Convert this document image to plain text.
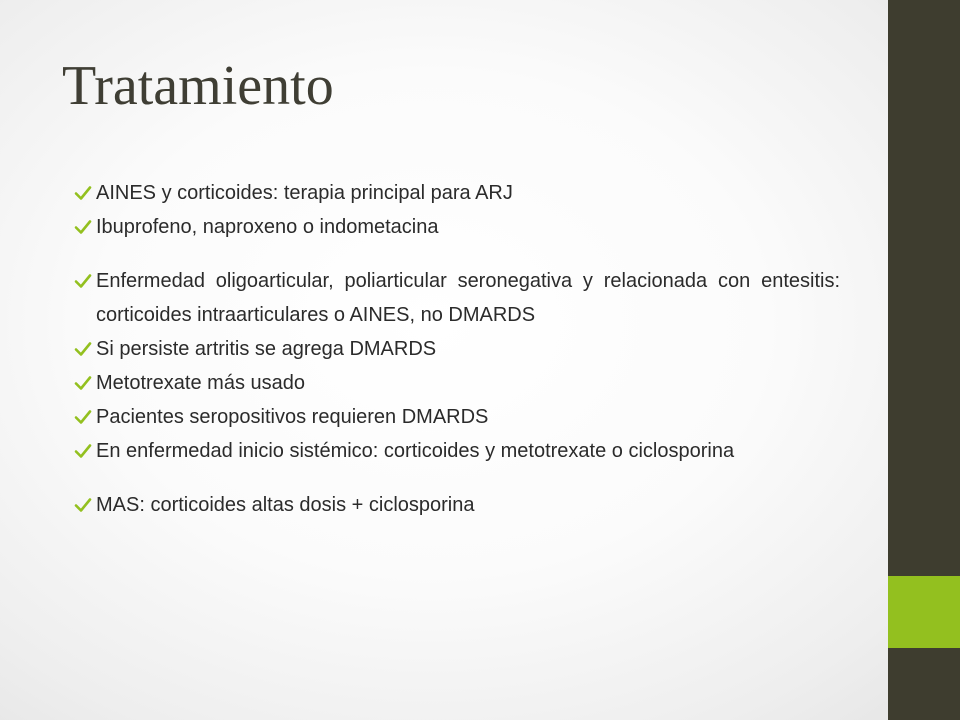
Tratamiento
AINES y corticoides: terapia principal para ARJ
Ibuprofeno, naproxeno o indometacina
Enfermedad oligoarticular, poliarticular seronegativa y relacionada con entesitis: corticoides intraarticulares o AINES, no DMARDS
Si persiste artritis se agrega DMARDS
Metotrexate más usado
Pacientes seropositivos requieren DMARDS
En enfermedad inicio sistémico: corticoides y metotrexate o ciclosporina
MAS: corticoides altas dosis + ciclosporina
